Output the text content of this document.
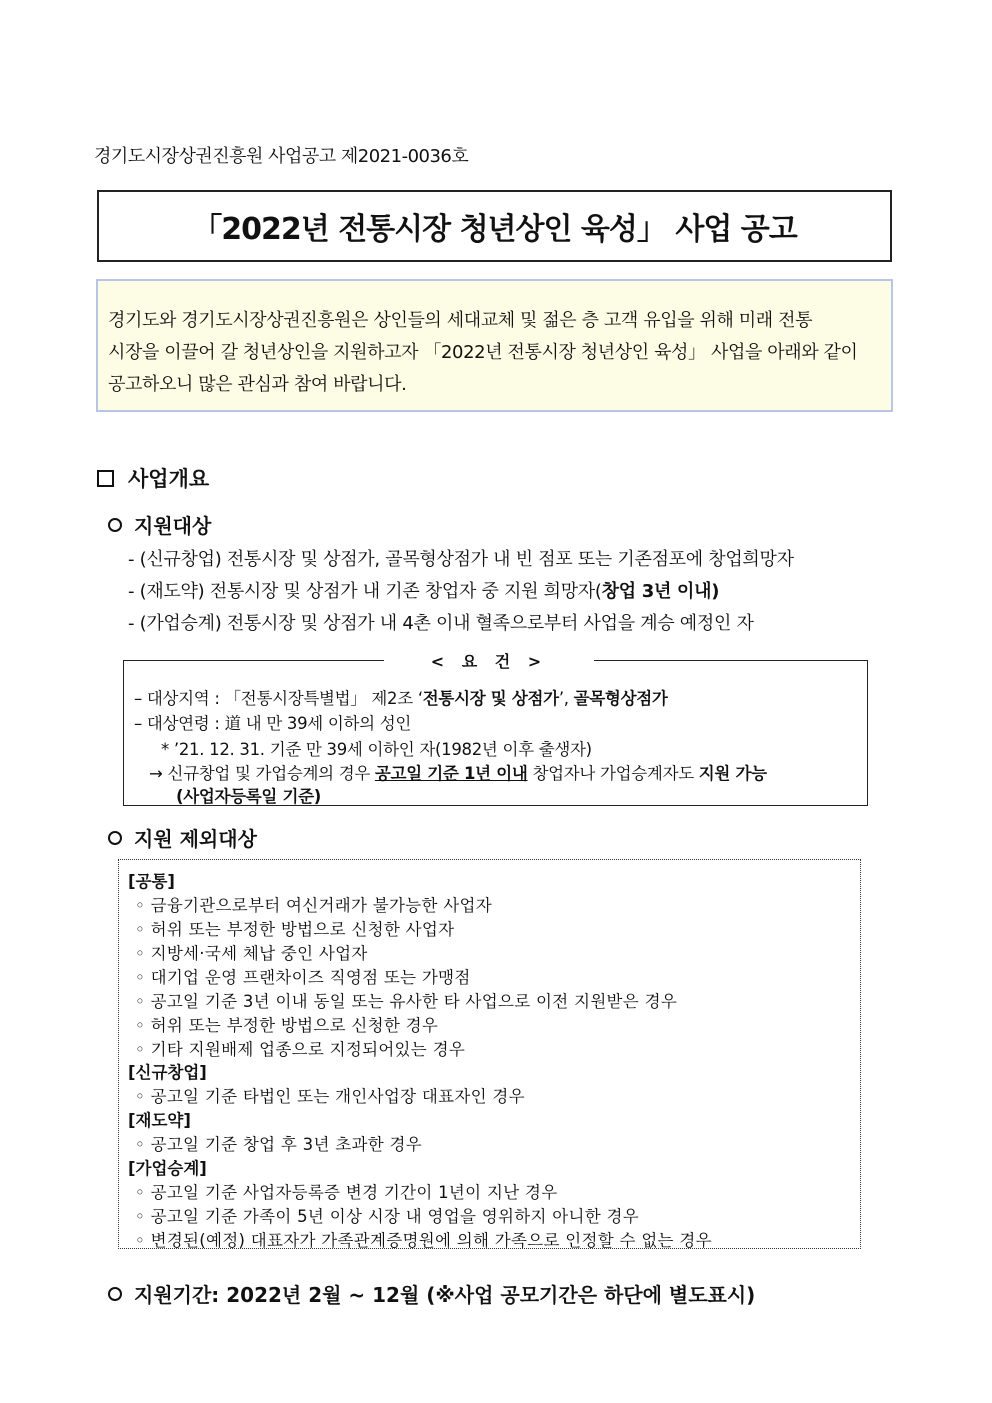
경기도시장상권진흥원 사업공고 제2021-0036호
「2022년 전통시장 청년상인 육성」 사업 공고
경기도와 경기도시장상권진흥원은 상인들의 세대교체 및 젊은 층 고객 유입을 위해 미래 전통
시장을 이끌어 갈 청년상인을 지원하고자 「2022년 전통시장 청년상인 육성」 사업을 아래와 같이
공고하오니 많은 관심과 참여 바랍니다.
사업개요
지원대상
- (신규창업) 전통시장 및 상점가, 골목형상점가 내 빈 점포 또는 기존점포에 창업희망자
- (재도약) 전통시장 및 상점가 내 기존 창업자 중 지원 희망자(창업 3년 이내)
- (가업승계) 전통시장 및 상점가 내 4촌 이내 혈족으로부터 사업을 계승 예정인 자
< 요 건 >
– 대상지역 : 「전통시장특별법」 제2조 ‘전통시장 및 상점가’, 골목형상점가
– 대상연령 : 道 내 만 39세 이하의 성인
* ’21. 12. 31. 기준 만 39세 이하인 자(1982년 이후 출생자)
→ 신규창업 및 가업승계의 경우 공고일 기준 1년 이내 창업자나 가업승계자도 지원 가능
(사업자등록일 기준)
지원 제외대상
[공통]
◦ 금융기관으로부터 여신거래가 불가능한 사업자
◦ 허위 또는 부정한 방법으로 신청한 사업자
◦ 지방세·국세 체납 중인 사업자
◦ 대기업 운영 프랜차이즈 직영점 또는 가맹점
◦ 공고일 기준 3년 이내 동일 또는 유사한 타 사업으로 이전 지원받은 경우
◦ 허위 또는 부정한 방법으로 신청한 경우
◦ 기타 지원배제 업종으로 지정되어있는 경우
[신규창업]
◦ 공고일 기준 타법인 또는 개인사업장 대표자인 경우
[재도약]
◦ 공고일 기준 창업 후 3년 초과한 경우
[가업승계]
◦ 공고일 기준 사업자등록증 변경 기간이 1년이 지난 경우
◦ 공고일 기준 가족이 5년 이상 시장 내 영업을 영위하지 아니한 경우
◦ 변경된(예정) 대표자가 가족관계증명원에 의해 가족으로 인정할 수 없는 경우
지원기간: 2022년 2월 ~ 12월 (※사업 공모기간은 하단에 별도표시)
